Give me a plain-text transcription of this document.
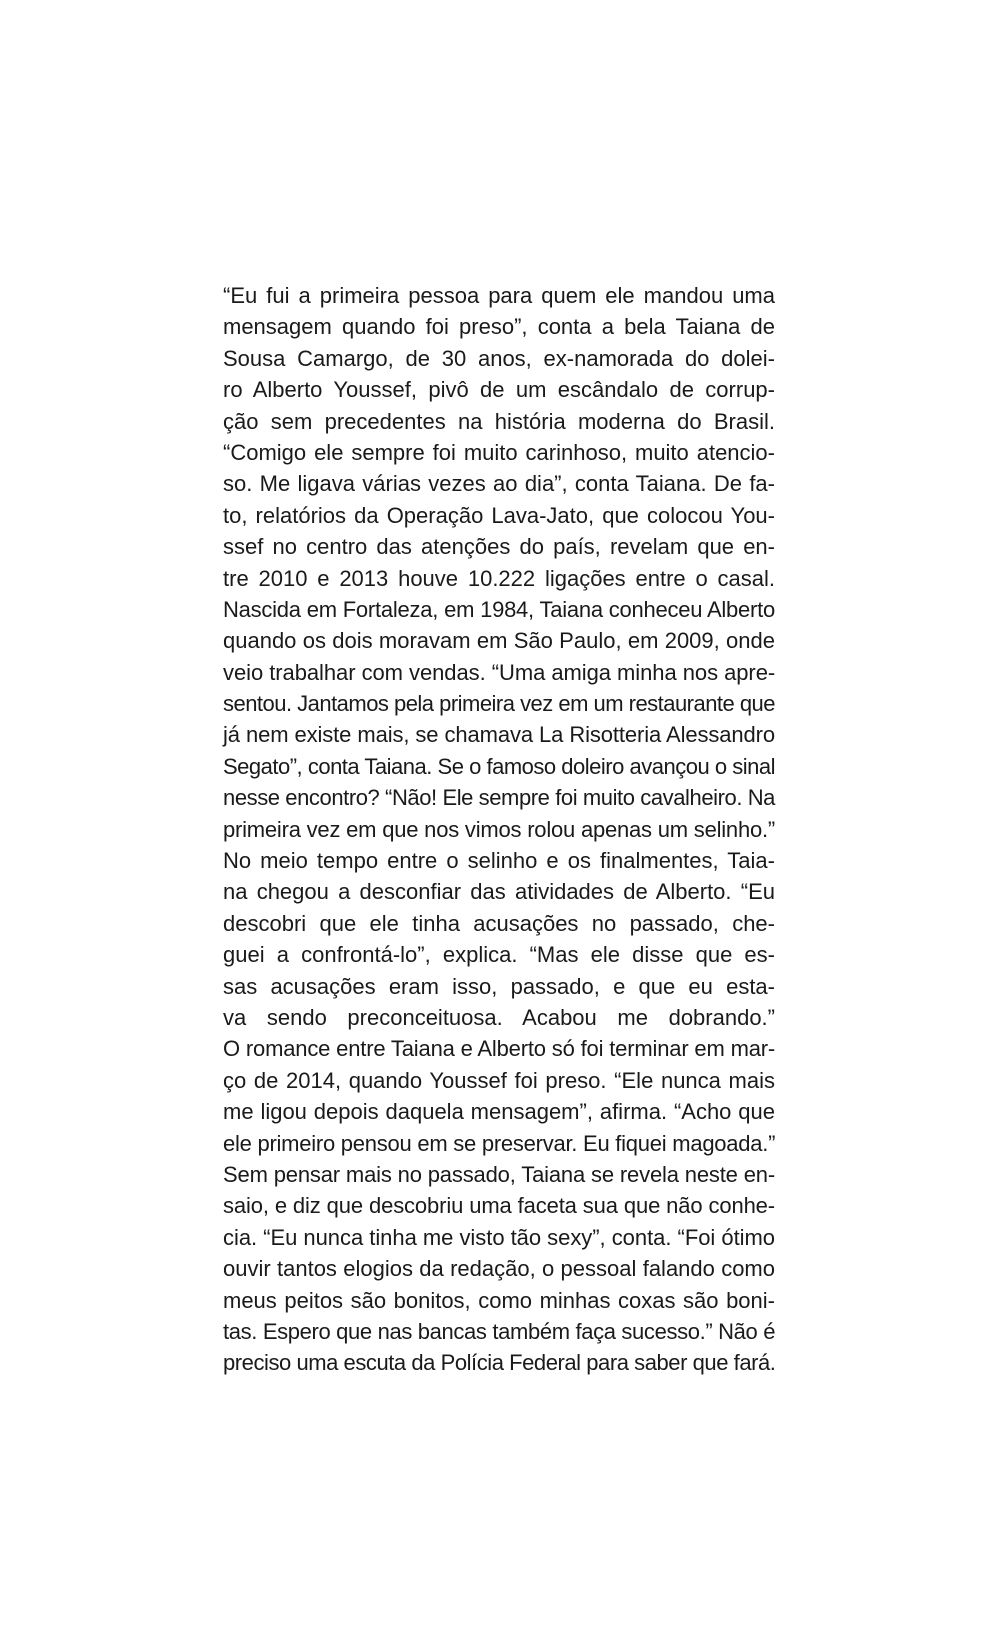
“Eu fui a primeira pessoa para quem ele mandou uma
mensagem quando foi preso”, conta a bela Taiana de
Sousa Camargo, de 30 anos, ex-namorada do dolei-
ro Alberto Youssef, pivô de um escândalo de corrup-
ção sem precedentes na história moderna do Brasil.
“Comigo ele sempre foi muito carinhoso, muito atencio-
so. Me ligava várias vezes ao dia”, conta Taiana. De fa-
to, relatórios da Operação Lava-Jato, que colocou You-
ssef no centro das atenções do país, revelam que en-
tre 2010 e 2013 houve 10.222 ligações entre o casal.
Nascida em Fortaleza, em 1984, Taiana conheceu Alberto
quando os dois moravam em São Paulo, em 2009, onde
veio trabalhar com vendas. “Uma amiga minha nos apre-
sentou. Jantamos pela primeira vez em um restaurante que
já nem existe mais, se chamava La Risotteria Alessandro
Segato”, conta Taiana. Se o famoso doleiro avançou o sinal
nesse encontro? “Não! Ele sempre foi muito cavalheiro. Na
primeira vez em que nos vimos rolou apenas um selinho.”
No meio tempo entre o selinho e os finalmentes, Taia-
na chegou a desconfiar das atividades de Alberto. “Eu
descobri que ele tinha acusações no passado, che-
guei a confrontá-lo”, explica. “Mas ele disse que es-
sas acusações eram isso, passado, e que eu esta-
va sendo preconceituosa. Acabou me dobrando.”
O romance entre Taiana e Alberto só foi terminar em mar-
ço de 2014, quando Youssef foi preso. “Ele nunca mais
me ligou depois daquela mensagem”, afirma. “Acho que
ele primeiro pensou em se preservar. Eu fiquei magoada.”
Sem pensar mais no passado, Taiana se revela neste en-
saio, e diz que descobriu uma faceta sua que não conhe-
cia. “Eu nunca tinha me visto tão sexy”, conta. “Foi ótimo
ouvir tantos elogios da redação, o pessoal falando como
meus peitos são bonitos, como minhas coxas são boni-
tas. Espero que nas bancas também faça sucesso.” Não é
preciso uma escuta da Polícia Federal para saber que fará.
